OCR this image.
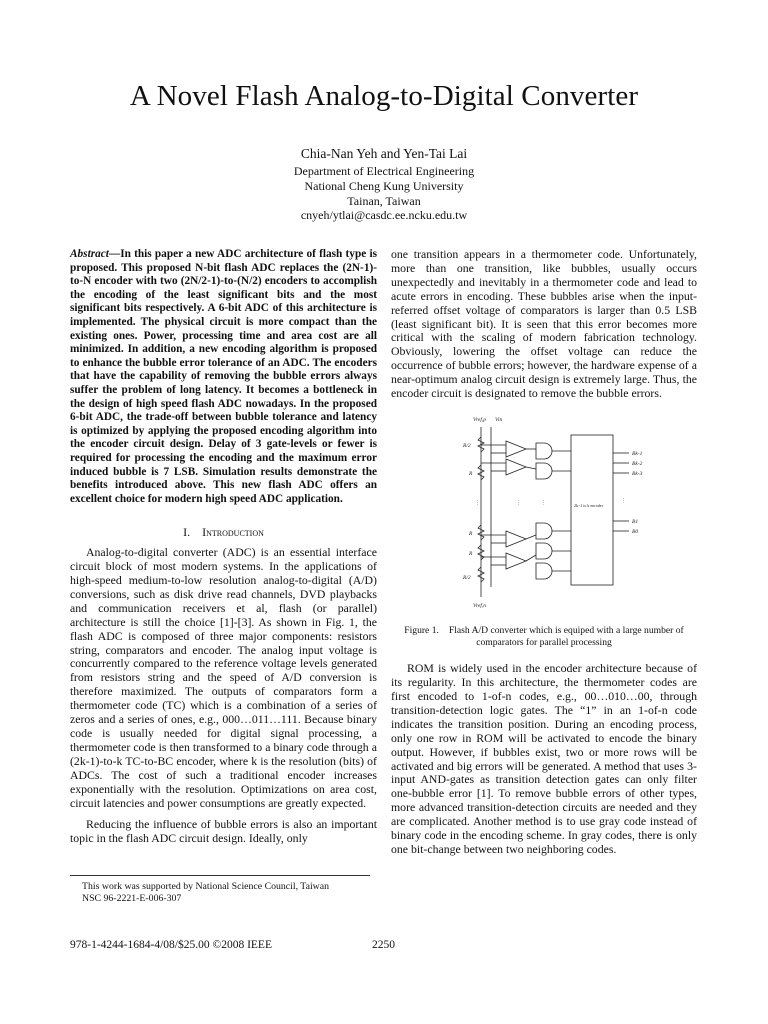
A Novel Flash Analog-to-Digital Converter
Chia-Nan Yeh and Yen-Tai Lai
Department of Electrical Engineering
National Cheng Kung University
Tainan, Taiwan
cnyeh/ytlai@casdc.ee.ncku.edu.tw

Abstract—In this paper a new ADC architecture of flash type is proposed. This proposed N-bit flash ADC replaces the (2N-1)-to-N encoder with two (2N/2-1)-to-(N/2) encoders to accomplish the encoding of the least significant bits and the most significant bits respectively. A 6-bit ADC of this architecture is implemented. The physical circuit is more compact than the existing ones. Power, processing time and area cost are all minimized. In addition, a new encoding algorithm is proposed to enhance the bubble error tolerance of an ADC. The encoders that have the capability of removing the bubble errors always suffer the problem of long latency. It becomes a bottleneck in the design of high speed flash ADC nowadays. In the proposed 6-bit ADC, the trade-off between bubble tolerance and latency is optimized by applying the proposed encoding algorithm into the encoder circuit design. Delay of 3 gate-levels or fewer is required for processing the encoding and the maximum error induced bubble is 7 LSB. Simulation results demonstrate the benefits introduced above. This new flash ADC offers an excellent choice for modern high speed ADC application.

I. Introduction

Analog-to-digital converter (ADC) is an essential interface circuit block of most modern systems. In the applications of high-speed medium-to-low resolution analog-to-digital (A/D) conversions, such as disk drive read channels, DVD playbacks and communication receivers et al, flash (or parallel) architecture is still the choice [1]-[3]. As shown in Fig. 1, the flash ADC is composed of three major components: resistors string, comparators and encoder. The analog input voltage is concurrently compared to the reference voltage levels generated from resistors string and the speed of A/D conversion is therefore maximized. The outputs of comparators form a thermometer code (TC) which is a combination of a series of zeros and a series of ones, e.g., 000…011…111. Because binary code is usually needed for digital signal processing, a thermometer code is then transformed to a binary code through a (2k-1)-to-k TC-to-BC encoder, where k is the resolution (bits) of ADCs. The cost of such a traditional encoder increases exponentially with the resolution. Optimizations on area cost, circuit latencies and power consumptions are greatly expected.

Reducing the influence of bubble errors is also an important topic in the flash ADC circuit design. Ideally, only

one transition appears in a thermometer code. Unfortunately, more than one transition, like bubbles, usually occurs unexpectedly and inevitably in a thermometer code and lead to acute errors in encoding. These bubbles arise when the input-referred offset voltage of comparators is larger than 0.5 LSB (least significant bit). It is seen that this error becomes more critical with the scaling of modern fabrication technology. Obviously, lowering the offset voltage can reduce the occurrence of bubble errors; however, the hardware expense of a near-optimum analog circuit design is extremely large. Thus, the encoder circuit is designated to remove the bubble errors.

⋮	⋮	⋮	⋮
Vref,p Vin
R/2
R
R
R
R/2
Vref,n
Bk-1
Bk-2
Bk-3
B1
B0
2k−1 to k encoder
Figure 1. Flash A/D converter which is equiped with a large number of comparators for parallel processing

ROM is widely used in the encoder architecture because of its regularity. In this architecture, the thermometer codes are first encoded to 1-of-n codes, e.g., 00…010…00, through transition-detection logic gates. The “1” in an 1-of-n code indicates the transition position. During an encoding process, only one row in ROM will be activated to encode the binary output. However, if bubbles exist, two or more rows will be activated and big errors will be generated. A method that uses 3-input AND-gates as transition detection gates can only filter one-bubble error [1]. To remove bubble errors of other types, more advanced transition-detection circuits are needed and they are complicated. Another method is to use gray code instead of binary code in the encoding scheme. In gray codes, there is only one bit-change between two neighboring codes.

This work was supported by National Science Council, Taiwan
NSC 96-2221-E-006-307
978-1-4244-1684-4/08/$25.00 ©2008 IEEE	2250
